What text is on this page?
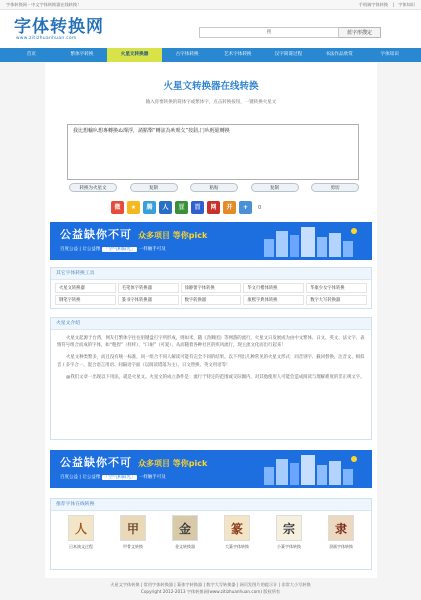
字体转换网 - 中文字体转换器在线转换！	手机端字体转换 | 字体知识
字体转换网
www.zitizhuanhuan.com
搜
蓝字形搜定
首页	繁体字转换	火星文转换器	古字体转换	艺术字体转换	汉字简谋过程	书法作品欣赏	字体知识
火星文转换器在线转换
输入你要转换的简体字或繁体字，点击转换按钮，一键转换火星文
我比想輸叺想專轉換ぬ璨浮，誵點擊“轉詃為吙暒攵”按鈕,冂叺輕鬆轉換
转换为火星文	复制	粘贴	复制	剪切
微	★	腾	人	豆	百	网	开	+	0
公益缺你不可 众多项目 等你pick
百度公益 | 让公益像 「空气和阳光」 一样触手可及
其它字体转换工具
火星文转换器	毛笔体字转换器	徐静蕾字体转换	华文行楷体转换	华康少女字体转换
钢笔字转换	篆书字体转换器	数字转换器	康熙字典体转换	数字大写转换器
火星文介绍

火星文起源于台湾，网友打繁体字往往用键盘打字所形成，则如米，随《劲舞团》等网游的流行，火星文日发展成为由中文繁体、日文、英文、法文字、表情符号组合而成的字体，如“粗捏”（样样）、“口耐”（可爱），从而随着各种社区的疾风流行，现主流文化而出行起来！

火星文种类繁多，而且没有统一标准，同一组合不同人解读可能有完全不同的结果。以下列出几种常见的火星文形式：同音别字、截词替换、注音文、相似音 / 多字合一、混合语言用语、间隔语字面（以阅读错落为主）、日文替换、英文用语等！

@我们文章一出现以下用法，就是火星文。火星文的成立条件是：流行于特定的范围或交际圈内，对其他使用人可能会造成阅读与理解难度的非正规文字。

公益缺你不可 众多项目 等你pick
百度公益 | 让公益像 「空气和阳光」 一样触手可及
推荐字体在线转换
人
日本演文过程
甲
甲骨文转换
金
金文转换器
篆
大篆字体转换
宗
小篆字体转换
隶
隶画字体转换
火星文字体转换 | 常用字体转换器 | 篆体字转换器 | 数字大写转换器 | 网页发图片的提示计 | 非常大小写转换
Copyright 2012-2013 字体转换网(www.zitizhuanhuan.com) 版权所有
